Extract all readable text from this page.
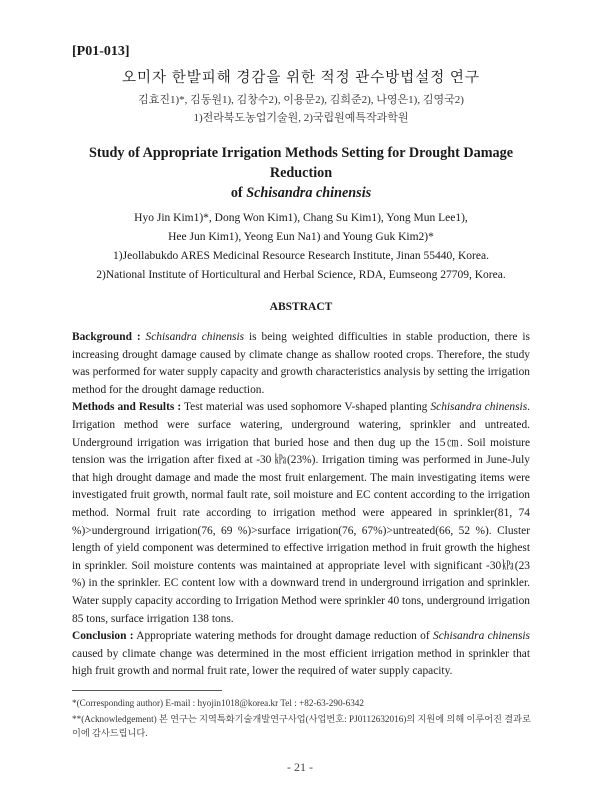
[P01-013]
오미자 한발피해 경감을 위한 적정 관수방법설정 연구
김효진1)*, 김동원1), 김창수2), 이용문2), 김희준2), 나영은1), 김영국2)
1)전라북도농업기술원, 2)국립원예특작과학원
Study of Appropriate Irrigation Methods Setting for Drought Damage Reduction
of Schisandra chinensis
Hyo Jin Kim1)*, Dong Won Kim1), Chang Su Kim1), Yong Mun Lee1),
Hee Jun Kim1), Yeong Eun Na1) and Young Guk Kim2)*
1)Jeollabukdo ARES Medicinal Resource Research Institute, Jinan 55440, Korea.
2)National Institute of Horticultural and Herbal Science, RDA, Eumseong 27709, Korea.
ABSTRACT

Background : Schisandra chinensis is being weighted difficulties in stable production, there is increasing drought damage caused by climate change as shallow rooted crops. Therefore, the study was performed for water supply capacity and growth characteristics analysis by setting the irrigation method for the drought damage reduction.

Methods and Results : Test material was used sophomore V-shaped planting Schisandra chinensis. Irrigation method were surface watering, underground watering, sprinkler and untreated. Underground irrigation was irrigation that buried hose and then dug up the 15㎝. Soil moisture tension was the irrigation after fixed at -30 ㎪(23%). Irrigation timing was performed in June-July that high drought damage and made the most fruit enlargement. The main investigating items were investigated fruit growth, normal fault rate, soil moisture and EC content according to the irrigation method. Normal fruit rate according to irrigation method were appeared in sprinkler(81, 74 %)>underground irrigation(76, 69 %)>surface irrigation(76, 67%)>untreated(66, 52 %). Cluster length of yield component was determined to effective irrigation method in fruit growth the highest in sprinkler. Soil moisture contents was maintained at appropriate level with significant -30㎪(23 %) in the sprinkler. EC content low with a downward trend in underground irrigation and sprinkler. Water supply capacity according to Irrigation Method were sprinkler 40 tons, underground irrigation 85 tons, surface irrigation 138 tons.

Conclusion : Appropriate watering methods for drought damage reduction of Schisandra chinensis caused by climate change was determined in the most efficient irrigation method in sprinkler that high fruit growth and normal fruit rate, lower the required of water supply capacity.

*(Corresponding author) E-mail : hyojin1018@korea.kr Tel : +82-63-290-6342
**(Acknowledgement) 본 연구는 지역특화기술개발연구사업(사업번호: PJ0112632016)의 지원에 의해 이루어진 결과로 이에 감사드립니다.
- 21 -
